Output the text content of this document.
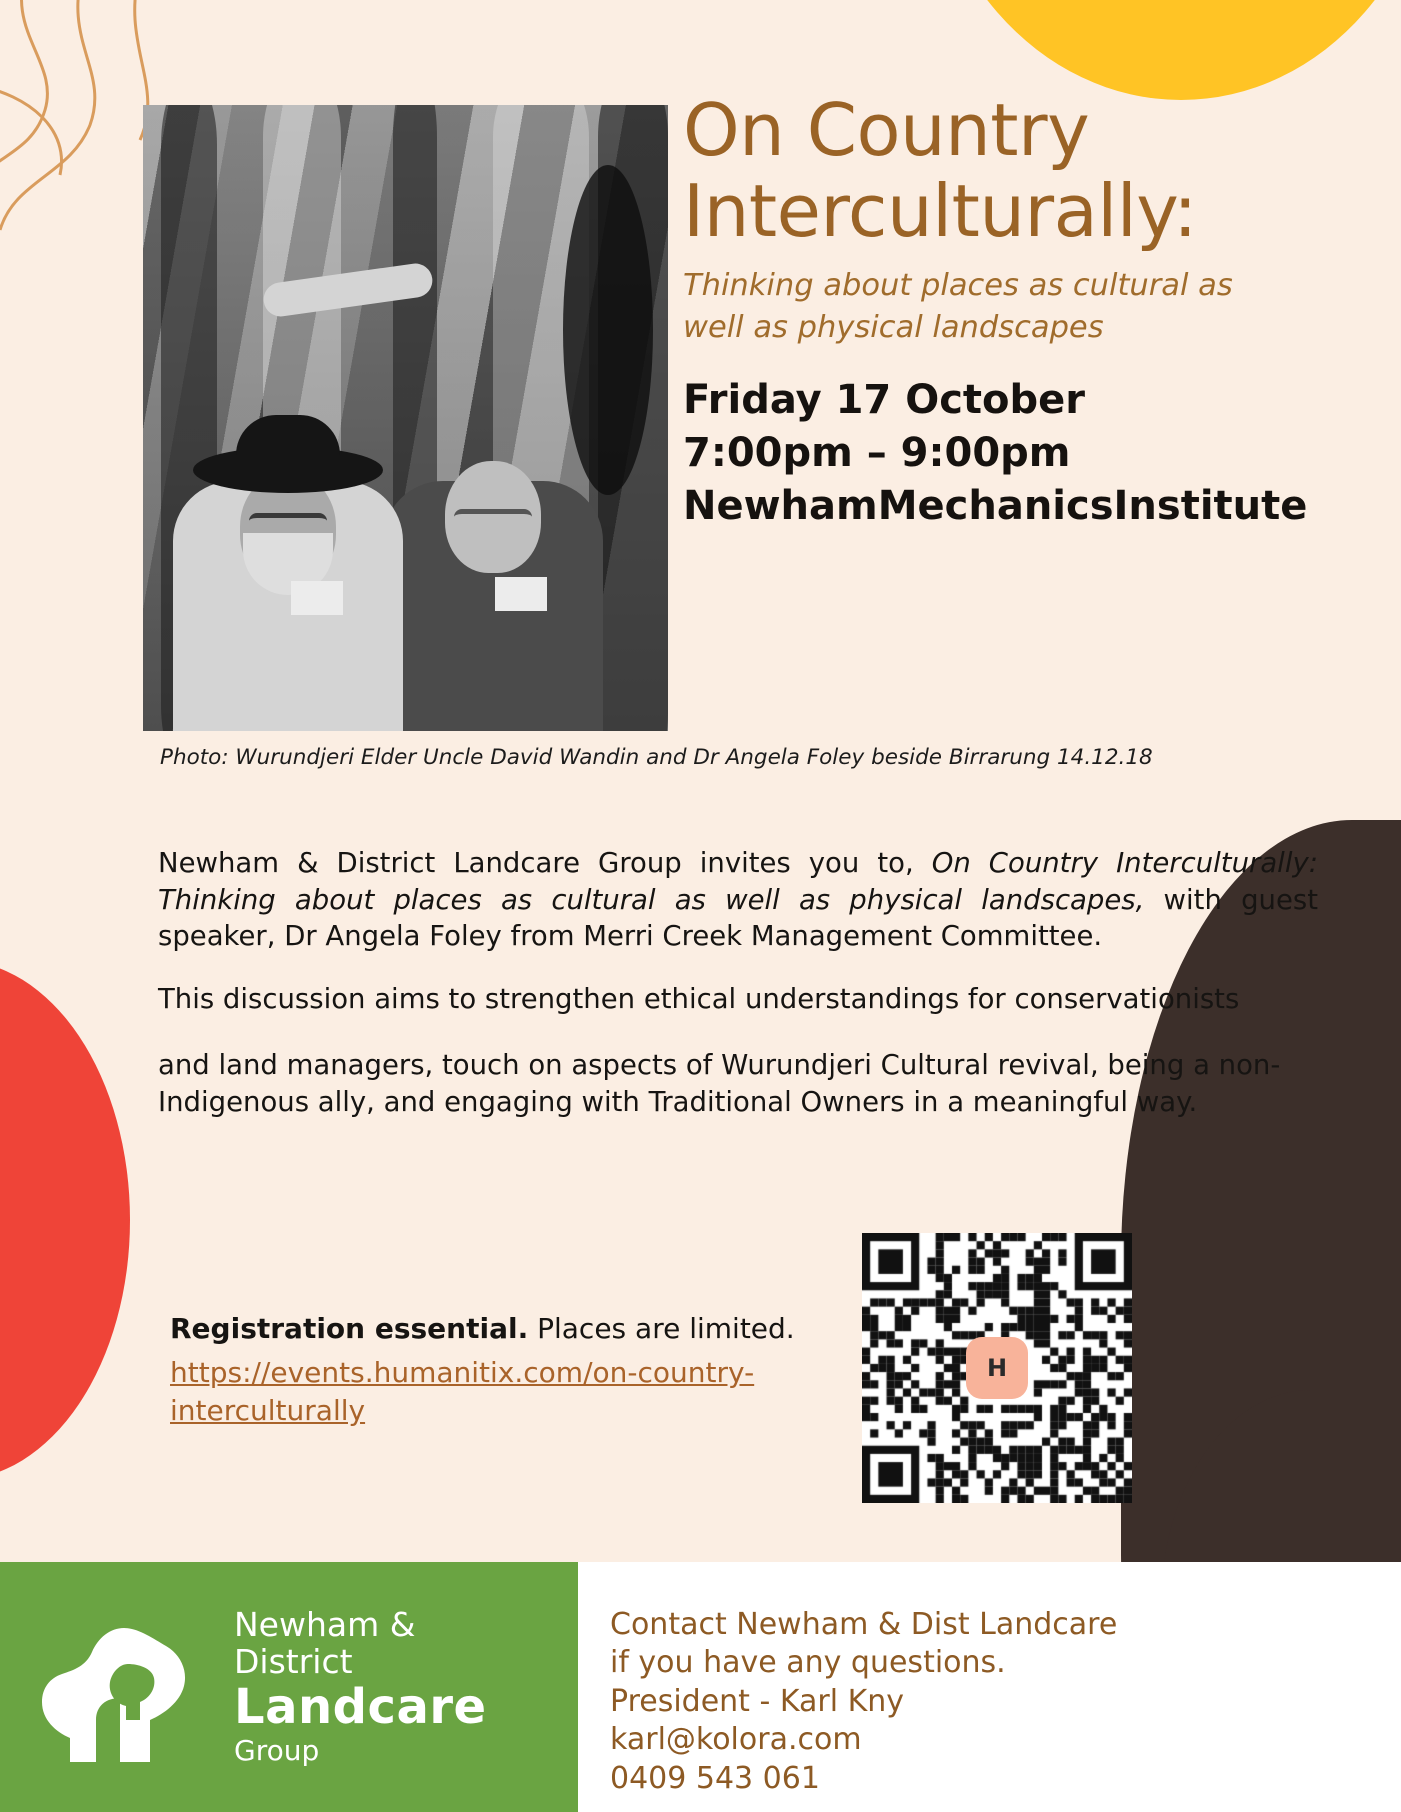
Photo: Wurundjeri Elder Uncle David Wandin and Dr Angela Foley beside Birrarung 14.12.18
On Country
Interculturally:
Thinking about places as cultural as
well as physical landscapes
Friday 17 October
7:00pm – 9:00pm
NewhamMechanicsInstitute

Newham & District Landcare Group invites you to, On Country Interculturally: Thinking about places as cultural as well as physical landscapes, with guest speaker, Dr Angela Foley from Merri Creek Management Committee.

This discussion aims to strengthen ethical understandings for conservationists

and land managers, touch on aspects of Wurundjeri Cultural revival, being a non-Indigenous ally, and engaging with Traditional Owners in a meaningful way.

Registration essential. Places are limited.
https://events.humanitix.com/on-country-interculturally
H
Newham &
District
Landcare
Group
Contact Newham & Dist Landcare
if you have any questions.
President - Karl Kny
karl@kolora.com
0409 543 061
